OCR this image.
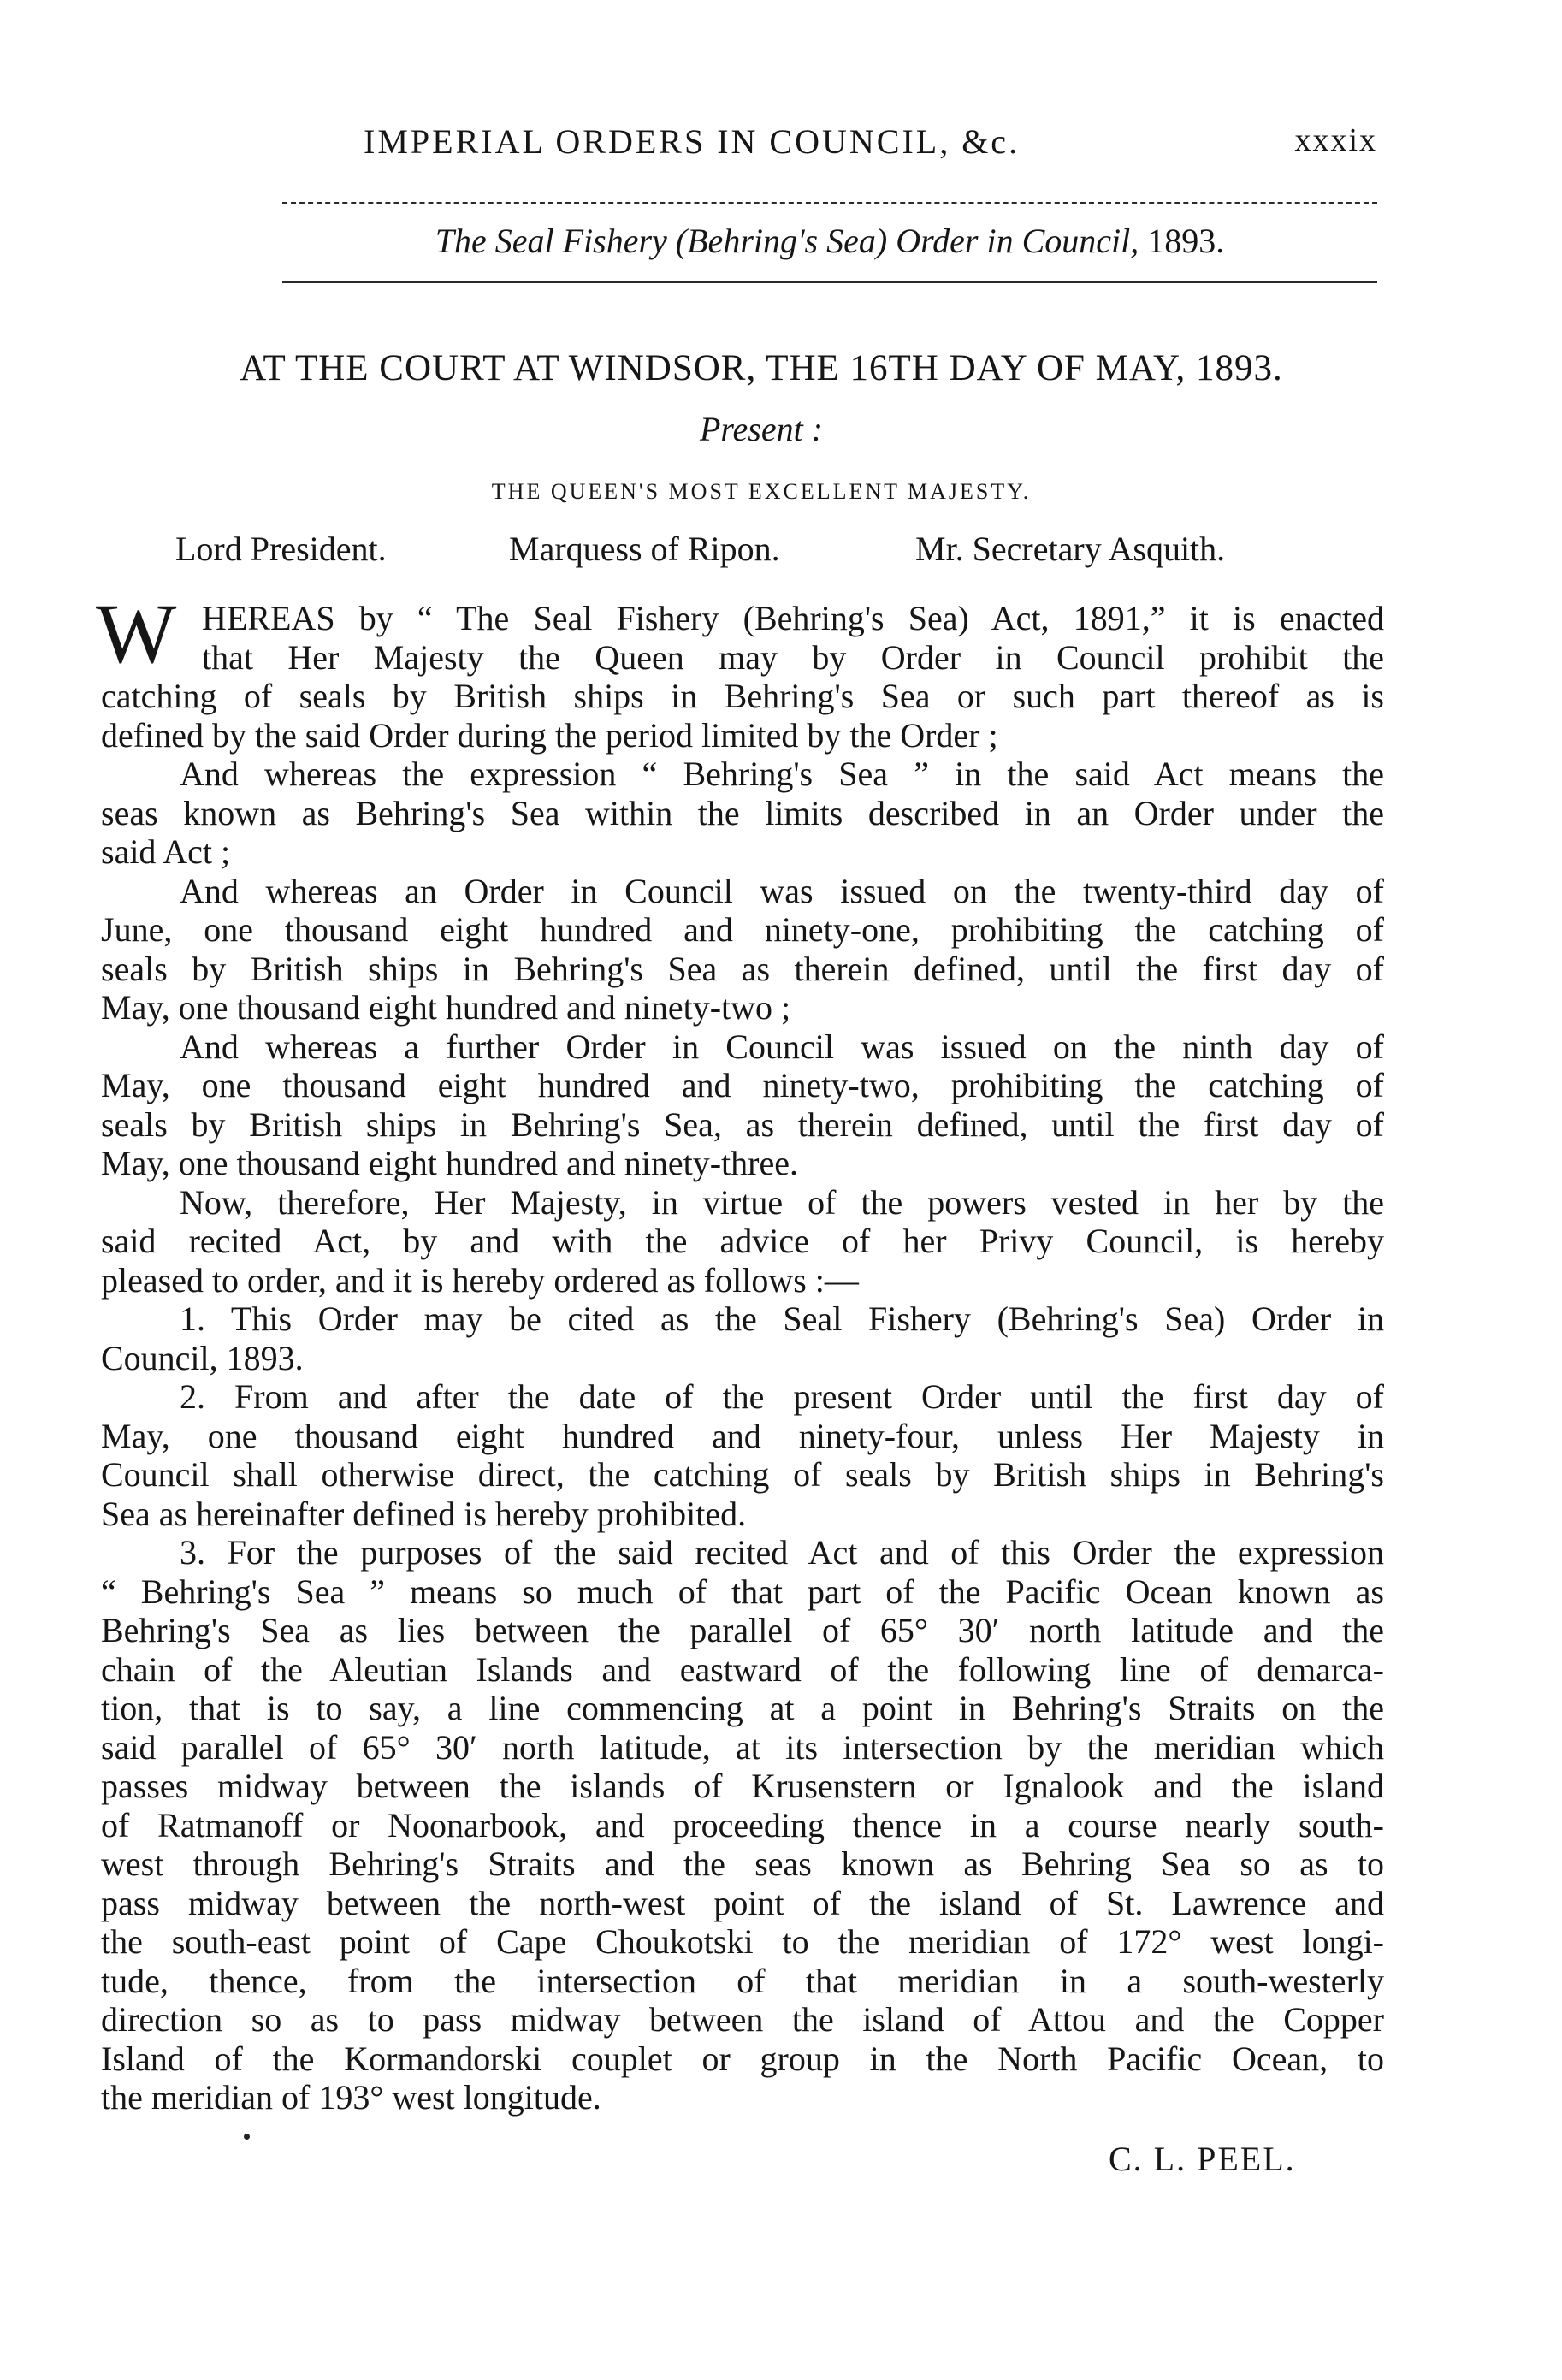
IMPERIAL ORDERS IN COUNCIL, &c.	xxxix
The Seal Fishery (Behring's Sea) Order in Council, 1893.
AT THE COURT AT WINDSOR, THE 16TH DAY OF MAY, 1893.
Present :
THE QUEEN'S MOST EXCELLENT MAJESTY.
Lord President.	Marquess of Ripon.	Mr. Secretary Asquith.
W HEREAS by “ The Seal Fishery (Behring's Sea) Act, 1891,” it is enacted
that Her Majesty the Queen may by Order in Council prohibit the
catching of seals by British ships in Behring's Sea or such part thereof as is
defined by the said Order during the period limited by the Order ;
And whereas the expression “ Behring's Sea ” in the said Act means the
seas known as Behring's Sea within the limits described in an Order under the
said Act ;
And whereas an Order in Council was issued on the twenty-third day of
June, one thousand eight hundred and ninety-one, prohibiting the catching of
seals by British ships in Behring's Sea as therein defined, until the first day of
May, one thousand eight hundred and ninety-two ;
And whereas a further Order in Council was issued on the ninth day of
May, one thousand eight hundred and ninety-two, prohibiting the catching of
seals by British ships in Behring's Sea, as therein defined, until the first day of
May, one thousand eight hundred and ninety-three.
Now, therefore, Her Majesty, in virtue of the powers vested in her by the
said recited Act, by and with the advice of her Privy Council, is hereby
pleased to order, and it is hereby ordered as follows :—
1. This Order may be cited as the Seal Fishery (Behring's Sea) Order in
Council, 1893.
2. From and after the date of the present Order until the first day of
May, one thousand eight hundred and ninety-four, unless Her Majesty in
Council shall otherwise direct, the catching of seals by British ships in Behring's
Sea as hereinafter defined is hereby prohibited.
3. For the purposes of the said recited Act and of this Order the expression
“ Behring's Sea ” means so much of that part of the Pacific Ocean known as
Behring's Sea as lies between the parallel of 65° 30′ north latitude and the
chain of the Aleutian Islands and eastward of the following line of demarca-
tion, that is to say, a line commencing at a point in Behring's Straits on the
said parallel of 65° 30′ north latitude, at its intersection by the meridian which
passes midway between the islands of Krusenstern or Ignalook and the island
of Ratmanoff or Noonarbook, and proceeding thence in a course nearly south-
west through Behring's Straits and the seas known as Behring Sea so as to
pass midway between the north-west point of the island of St. Lawrence and
the south-east point of Cape Choukotski to the meridian of 172° west longi-
tude, thence, from the intersection of that meridian in a south-westerly
direction so as to pass midway between the island of Attou and the Copper
Island of the Kormandorski couplet or group in the North Pacific Ocean, to
the meridian of 193° west longitude.
C. L. PEEL.
